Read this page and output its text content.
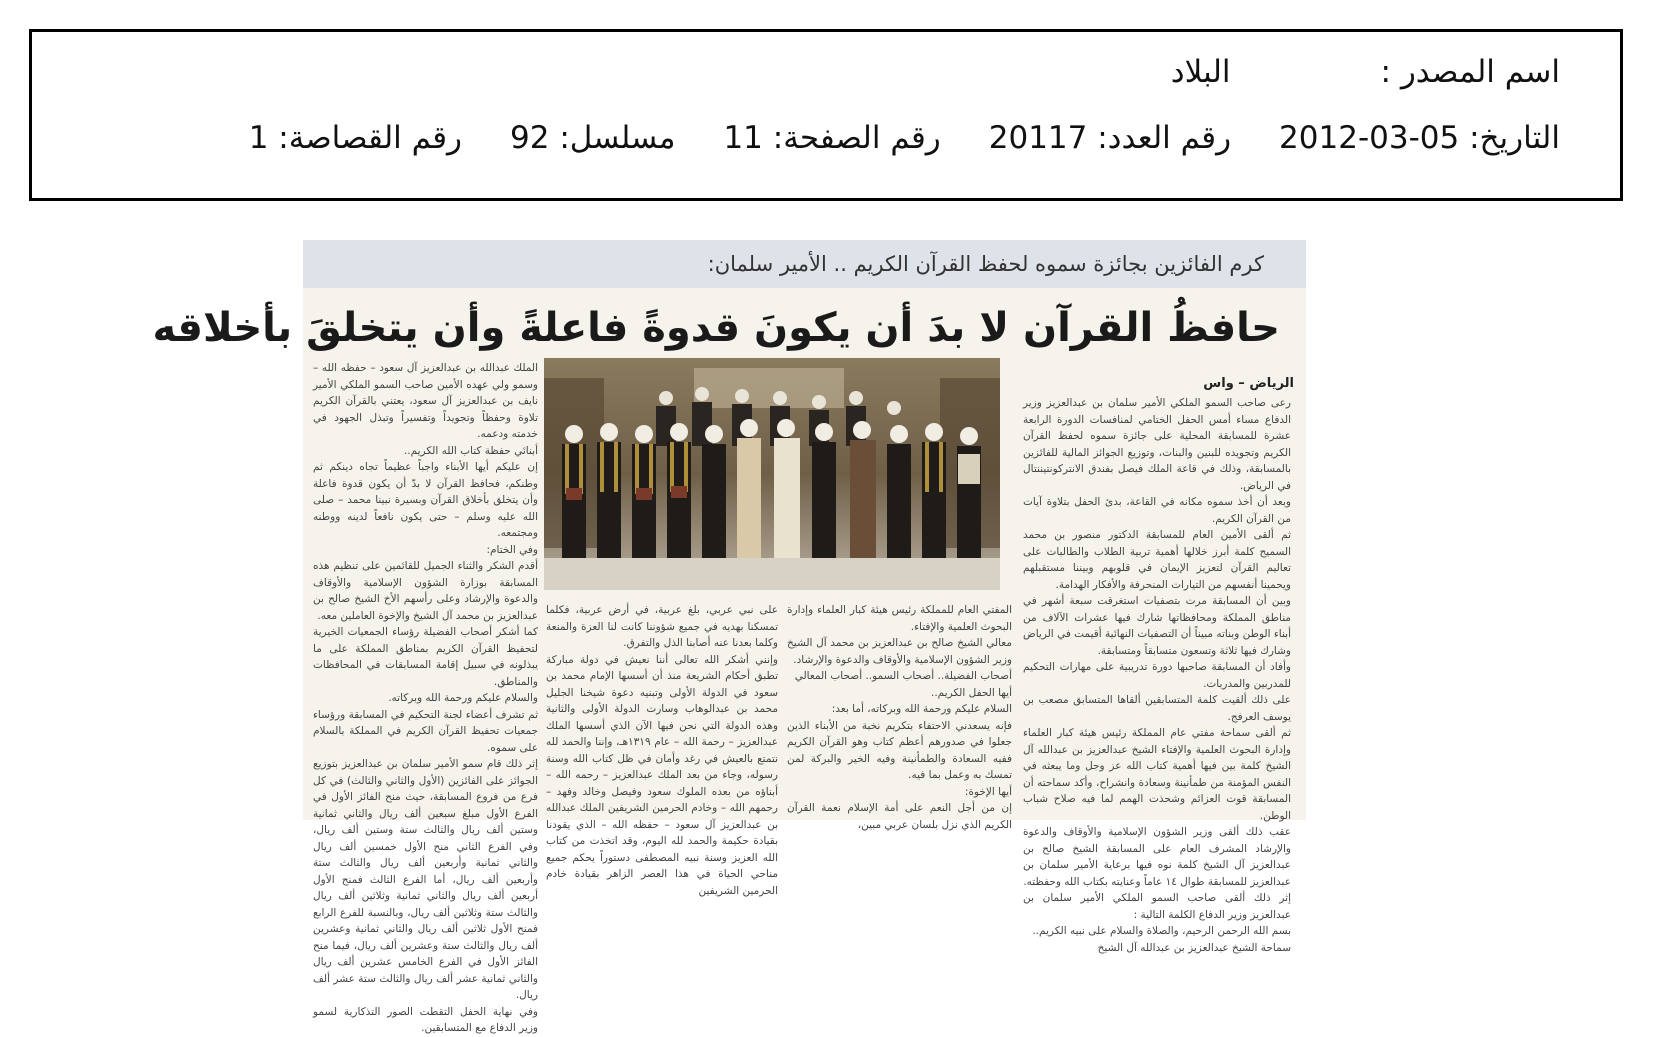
اسم المصدر :البلاد
التاريخ: 2012-03-05رقم العدد: 20117رقم الصفحة: 11مسلسل: 92رقم القصاصة: 1
كرم الفائزين بجائزة سموه لحفظ القرآن الكريم .. الأمير سلمان:
حافظُ القرآن لا بدَ أن يكونَ قدوةً فاعلةً وأن يتخلقَ بأخلاقه
الرياض – واس

رعى صاحب السمو الملكي الأمير سلمان بن عبدالعزيز وزير الدفاع مساء أمس الحفل الختامي لمنافسات الدورة الرابعة عشرة للمسابقة المحلية على جائزة سموه لحفظ القرآن الكريم وتجويده للبنين والبنات، وتوزيع الجوائز المالية للفائزين بالمسابقة، وذلك في قاعة الملك فيصل بفندق الانتركونتيننتال في الرياض.

وبعد أن أخذ سموه مكانه في القاعة، بدئ الحفل بتلاوة آيات من القرآن الكريم.

ثم ألقى الأمين العام للمسابقة الدكتور منصور بن محمد السميح كلمة أبرز خلالها أهمية تربية الطلاب والطالبات على تعاليم القرآن لتعزيز الإيمان في قلوبهم وبيننا مستقبلهم ويحمينا أنفسهم من التيارات المنحرفة والأفكار الهدامة.

وبين أن المسابقة مرت بتصفيات استغرقت سبعة أشهر في مناطق المملكة ومحافظاتها شارك فيها عشرات الآلاف من أبناء الوطن وبناته مبيناً أن التصفيات النهائية أقيمت في الرياض وشارك فيها ثلاثة وتسعون متسابقاً ومتسابقة.

وأفاد أن المسابقة صاحبها دورة تدريبية على مهارات التحكيم للمدربين والمدربات.

على ذلك ألقيت كلمة المتسابقين ألقاها المتسابق مصعب بن يوسف العرفج.

ثم ألقى سماحة مفتي عام المملكة رئيس هيئة كبار العلماء وإدارة البحوث العلمية والإفتاء الشيخ عبدالعزيز بن عبدالله آل الشيخ كلمة بين فيها أهمية كتاب الله عز وجل وما يبعثه في النفس المؤمنة من طمأنينة وسعادة وانشراح، وأكد سماحته أن المسابقة قوت العزائم وشحذت الهمم لما فيه صلاح شباب الوطن.

عقب ذلك ألقى وزير الشؤون الإسلامية والأوقاف والدعوة والإرشاد المشرف العام على المسابقة الشيخ صالح بن عبدالعزيز آل الشيخ كلمة نوه فيها برعاية الأمير سلمان بن عبدالعزيز للمسابقة طوال ١٤ عاماً وعنايته بكتاب الله وحفظته.

إثر ذلك ألقى صاحب السمو الملكي الأمير سلمان بن عبدالعزيز وزير الدفاع الكلمة التالية :

بسم الله الرحمن الرحيم، والصلاة والسلام على نبيه الكريم..

سماحة الشيخ عبدالعزيز بن عبدالله آل الشيخ

المفتي العام للمملكة رئيس هيئة كبار العلماء وإدارة البحوث العلمية والإفتاء.

معالي الشيخ صالح بن عبدالعزيز بن محمد آل الشيخ وزير الشؤون الإسلامية والأوقاف والدعوة والإرشاد.

أصحاب الفضيلة.. أصحاب السمو.. أصحاب المعالي

أيها الحفل الكريم..

السلام عليكم ورحمة الله وبركاته، أما بعد:

فإنه يسعدني الاحتفاء بتكريم نخبة من الأبناء الذين جعلوا في صدورهم أعظم كتاب وهو القرآن الكريم ففيه السعادة والطمأنينة وفيه الخير والبركة لمن تمسك به وعمل بما فيه.

أيها الإخوة:

إن من أجل النعم على أمة الإسلام نعمة القرآن الكريم الذي نزل بلسان عربي مبين،

على نبي عربي، بلغ عربية، في أرض عربية، فكلما تمسكنا بهديه في جميع شؤوننا كانت لنا العزة والمنعة وكلما بعدنا عنه أصابنا الذل والتفرق.

وإنني أشكر الله تعالى أننا نعيش في دولة مباركة تطبق أحكام الشريعة منذ أن أسسها الإمام محمد بن سعود في الدولة الأولى وتبنيه دعوة شيخنا الجليل محمد بن عبدالوهاب وسارت الدولة الأولى والثانية وهذه الدولة التي نحن فيها الآن الذي أسسها الملك عبدالعزيز – رحمة الله – عام ١٣١٩هـ، وإننا والحمد لله نتمتع بالعيش في رغد وأمان في ظل كتاب الله وسنة رسوله، وجاء من بعد الملك عبدالعزيز – رحمه الله – أبناؤه من بعده الملوك سعود وفيصل وخالد وفهد – رحمهم الله – وخادم الحرمين الشريفين الملك عبدالله بن عبدالعزيز آل سعود – حفظه الله – الذي يقودنا بقيادة حكيمة والحمد لله اليوم، وقد اتخذت من كتاب الله العزيز وسنة نبيه المصطفى دستوراً يحكم جميع مناحي الحياة في هذا العصر الزاهر بقيادة خادم الحرمين الشريفين

الملك عبدالله بن عبدالعزيز آل سعود – حفظه الله – وسمو ولي عهده الأمين صاحب السمو الملكي الأمير نايف بن عبدالعزيز آل سعود، يعتني بالقرآن الكريم تلاوة وحفظاً وتجويداً وتفسيراً وتبذل الجهود في خدمته ودعمه.

أبنائي حفظة كتاب الله الكريم..

إن عليكم أيها الأبناء واجباً عظيماً تجاه دينكم ثم وطنكم، فحافظ القرآن لا بدّ أن يكون قدوة فاعلة وأن يتخلق بأخلاق القرآن وبسيرة نبينا محمد – صلى الله عليه وسلم – حتى يكون نافعاً لدينه ووطنه ومجتمعه.

وفي الختام:

أقدم الشكر والثناء الجميل للقائمين على تنظيم هذه المسابقة بوزارة الشؤون الإسلامية والأوقاف والدعوة والإرشاد وعلى رأسهم الأخ الشيخ صالح بن عبدالعزيز بن محمد آل الشيخ والإخوة العاملين معه.

كما أشكر أصحاب الفضيلة رؤساء الجمعيات الخيرية لتحفيظ القرآن الكريم بمناطق المملكة على ما يبذلونه في سبيل إقامة المسابقات في المحافظات والمناطق.

والسلام عليكم ورحمة الله وبركاته.

ثم تشرف أعضاء لجنة التحكيم في المسابقة ورؤساء جمعيات تحفيظ القرآن الكريم في المملكة بالسلام على سموه.

إثر ذلك قام سمو الأمير سلمان بن عبدالعزيز بتوزيع الجوائز على الفائزين (الأول والثاني والثالث) في كل فرع من فروع المسابقة، حيث منح الفائز الأول في الفرع الأول مبلغ سبعين ألف ريال والثاني ثمانية وستين ألف ريال والثالث ستة وستين ألف ريال، وفي الفرع الثاني منح الأول خمسين ألف ريال والثاني ثمانية وأربعين ألف ريال والثالث ستة وأربعين ألف ريال، أما الفرع الثالث فمنح الأول أربعين ألف ريال والثاني ثمانية وثلاثين ألف ريال والثالث ستة وثلاثين ألف ريال، وبالنسبة للفرع الرابع فمنح الأول ثلاثين ألف ريال والثاني ثمانية وعشرين ألف ريال والثالث ستة وعشرين ألف ريال، فيما منح الفائز الأول في الفرع الخامس عشرين ألف ريال والثاني ثمانية عشر ألف ريال والثالث ستة عشر ألف ريال.

وفي نهاية الحفل التقطت الصور التذكارية لسمو وزير الدفاع مع المتسابقين.
